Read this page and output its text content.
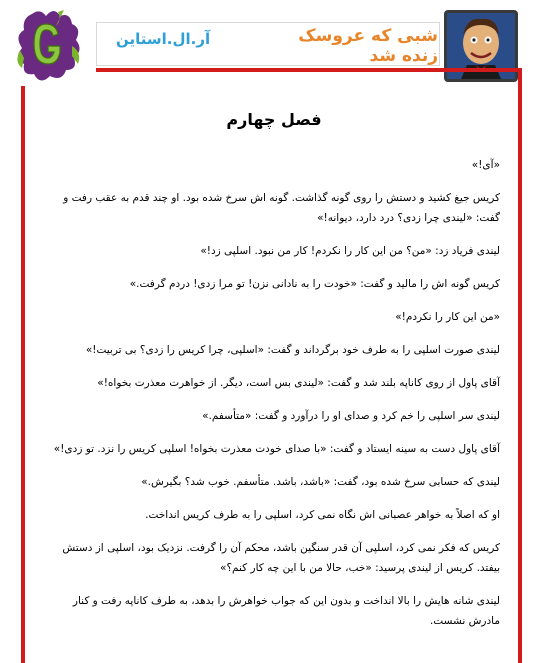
آر.ال.استاین	شبی که عروسک زنده شد
فصل چهارم

«آی!»

کریس جیغ کشید و دستش را روی گونه گذاشت. گونه اش سرخ شده بود. او چند قدم به عقب رفت و گفت: «لیندی چرا زدی؟ درد دارد، دیوانه!»

لیندی فریاد زد: «من؟ من این کار را نکردم! کار من نبود. اسلپی زد!»

کریس گونه اش را مالید و گفت: «خودت را به نادانی نزن! تو مرا زدی! دردم گرفت.»

«من این کار را نکردم!»

لیندی صورت اسلپی را به طرف خود برگرداند و گفت: «اسلپی، چرا کریس را زدی؟ بی تربیت!»

آقای پاول از روی کاناپه بلند شد و گفت: «لیندی بس است، دیگر. از خواهرت معذرت بخواه!»

لیندی سر اسلپی را خم کرد و صدای او را درآورد و گفت: «متأسفم.»

آقای پاول دست به سینه ایستاد و گفت: «با صدای خودت معذرت بخواه! اسلپی کریس را نزد. تو زدی!»

لیندی که حسابی سرخ شده بود، گفت: «باشد، باشد. متأسفم. خوب شد؟ بگیرش.»

او که اصلاً به خواهر عصبانی اش نگاه نمی کرد، اسلپی را به طرف کریس انداخت.

کریس که فکر نمی کرد، اسلپی آن قدر سنگین باشد، محکم آن را گرفت. نزدیک بود، اسلپی از دستش بیفتد. کریس از لیندی پرسید: «خب، حالا من با این چه کار کنم؟»

لیندی شانه هایش را بالا انداخت و بدون این که جواب خواهرش را بدهد، به طرف کاناپه رفت و کنار مادرش نشست.
